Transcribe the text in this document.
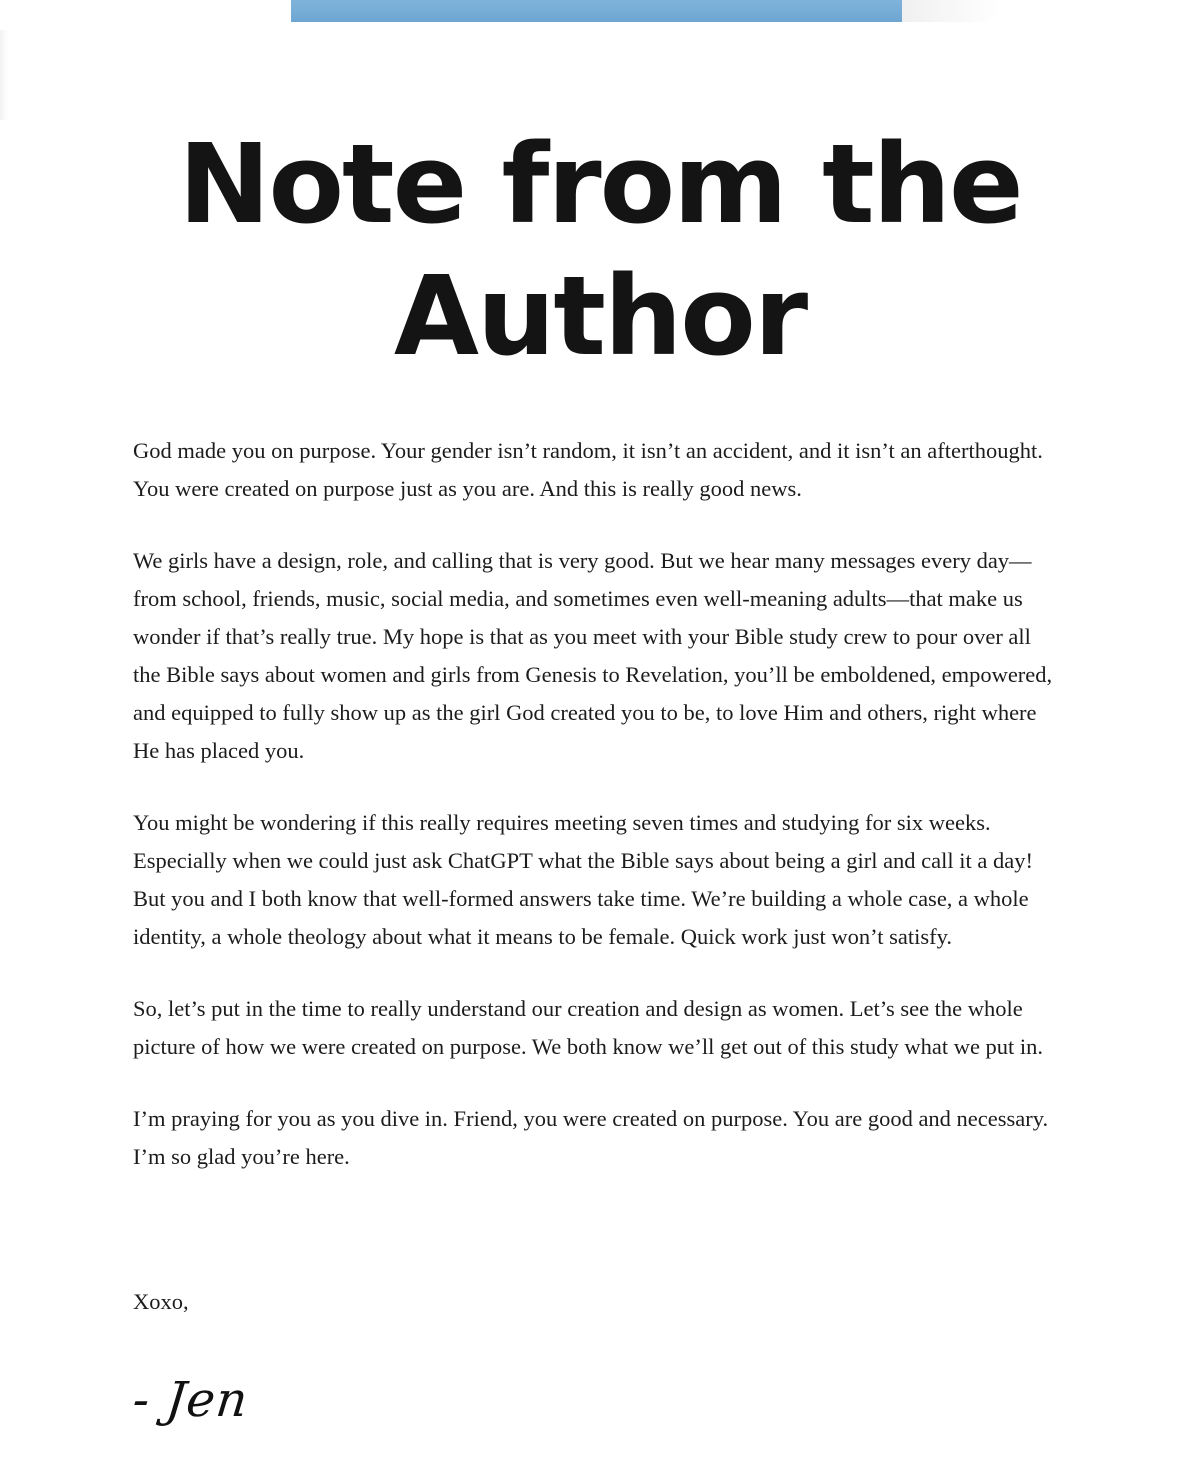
Note from the
Author

God made you on purpose. Your gender isn’t random, it isn’t an accident, and it isn’t an afterthought. You were created on purpose just as you are. And this is really good news.

We girls have a design, role, and calling that is very good. But we hear many messages every day—from school, friends, music, social media, and sometimes even well-meaning adults—that make us wonder if that’s really true. My hope is that as you meet with your Bible study crew to pour over all the Bible says about women and girls from Genesis to Revelation, you’ll be emboldened, empowered, and equipped to fully show up as the girl God created you to be, to love Him and others, right where He has placed you.

You might be wondering if this really requires meeting seven times and studying for six weeks. Especially when we could just ask ChatGPT what the Bible says about being a girl and call it a day! But you and I both know that well-formed answers take time. We’re building a whole case, a whole identity, a whole theology about what it means to be female. Quick work just won’t satisfy.

So, let’s put in the time to really understand our creation and design as women. Let’s see the whole picture of how we were created on purpose. We both know we’ll get out of this study what we put in.

I’m praying for you as you dive in. Friend, you were created on purpose. You are good and necessary. I’m so glad you’re here.

Xoxo,

- Jen
